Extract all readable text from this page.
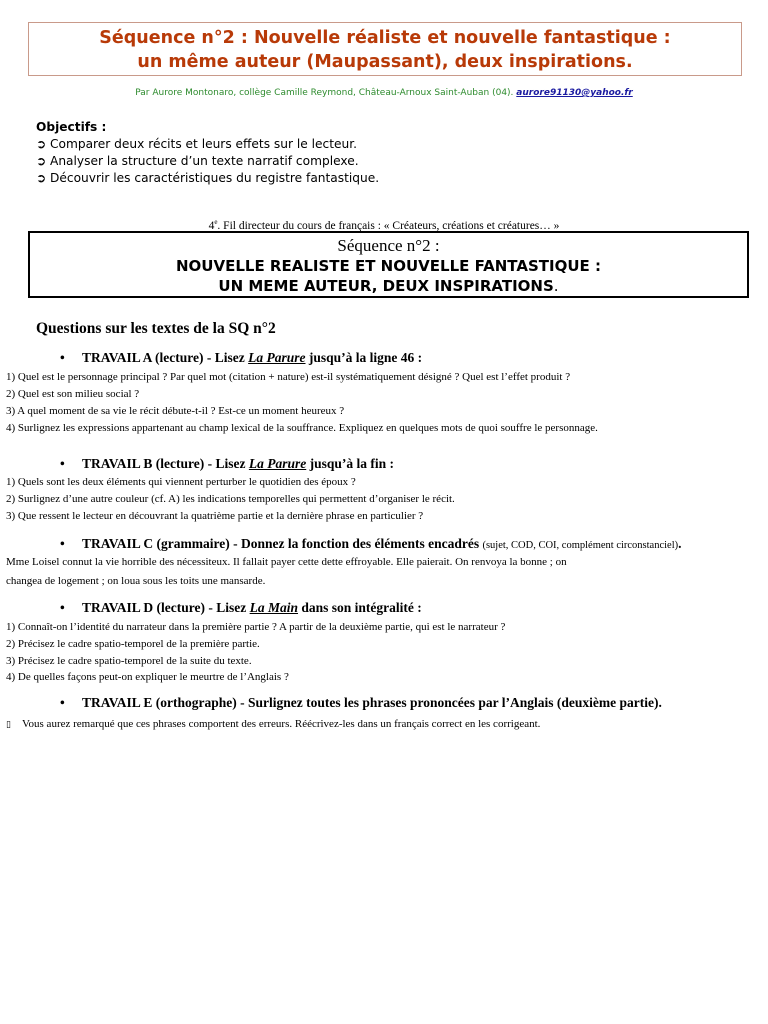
Séquence n°2 : Nouvelle réaliste et nouvelle fantastique :
un même auteur (Maupassant), deux inspirations.
Par Aurore Montonaro, collège Camille Reymond, Château-Arnoux Saint-Auban (04). aurore91130@yahoo.fr
Objectifs :
➲ Comparer deux récits et leurs effets sur le lecteur.
➲ Analyser la structure d’un texte narratif complexe.
➲ Découvrir les caractéristiques du registre fantastique.
4e. Fil directeur du cours de français : « Créateurs, créations et créatures… »
Séquence n°2 :
NOUVELLE REALISTE ET NOUVELLE FANTASTIQUE :
UN MEME AUTEUR, DEUX INSPIRATIONS.
Questions sur les textes de la SQ n°2
• TRAVAIL A (lecture) - Lisez La Parure jusqu’à la ligne 46 :
1) Quel est le personnage principal ? Par quel mot (citation + nature) est-il systématiquement désigné ? Quel est l’effet produit ?
2) Quel est son milieu social ?
3) A quel moment de sa vie le récit débute-t-il ? Est-ce un moment heureux ?
4) Surlignez les expressions appartenant au champ lexical de la souffrance. Expliquez en quelques mots de quoi souffre le personnage.
• TRAVAIL B (lecture) - Lisez La Parure jusqu’à la fin :
1) Quels sont les deux éléments qui viennent perturber le quotidien des époux ?
2) Surlignez d’une autre couleur (cf. A) les indications temporelles qui permettent d’organiser le récit.
3) Que ressent le lecteur en découvrant la quatrième partie et la dernière phrase en particulier ?
• TRAVAIL C (grammaire) - Donnez la fonction des éléments encadrés (sujet, COD, COI, complément circonstanciel).
Mme Loisel connut la vie horrible des nécessiteux. Il fallait payer cette dette effroyable. Elle paierait. On renvoya la bonne ; on
changea de logement ; on loua sous les toits une mansarde.
• TRAVAIL D (lecture) - Lisez La Main dans son intégralité :
1) Connaît-on l’identité du narrateur dans la première partie ? A partir de la deuxième partie, qui est le narrateur ?
2) Précisez le cadre spatio-temporel de la première partie.
3) Précisez le cadre spatio-temporel de la suite du texte.
4) De quelles façons peut-on expliquer le meurtre de l’Anglais ?
• TRAVAIL E (orthographe) - Surlignez toutes les phrases prononcées par l’Anglais (deuxième partie).
▯ Vous aurez remarqué que ces phrases comportent des erreurs. Réécrivez-les dans un français correct en les corrigeant.
